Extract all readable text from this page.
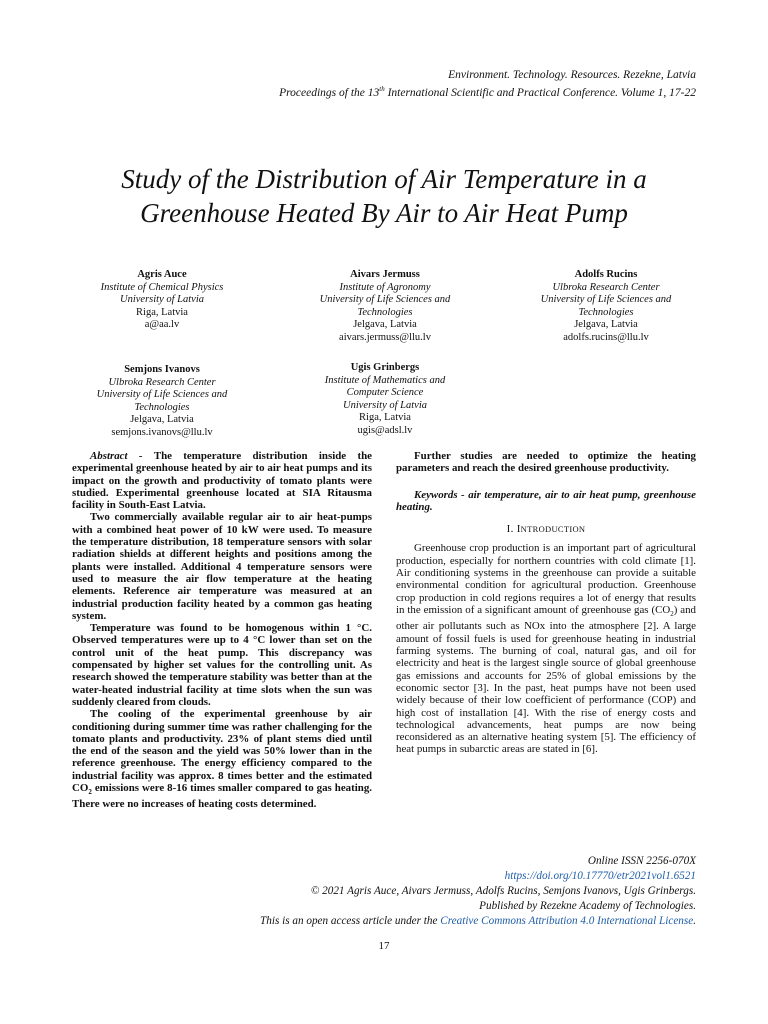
Environment. Technology. Resources. Rezekne, Latvia
Proceedings of the 13th International Scientific and Practical Conference. Volume 1, 17-22
Study of the Distribution of Air Temperature in a
Greenhouse Heated By Air to Air Heat Pump
Agris Auce
Institute of Chemical Physics
University of Latvia
Riga, Latvia
a@aa.lv
Aivars Jermuss
Institute of Agronomy
University of Life Sciences and
Technologies
Jelgava, Latvia
aivars.jermuss@llu.lv
Adolfs Rucins
Ulbroka Research Center
University of Life Sciences and
Technologies
Jelgava, Latvia
adolfs.rucins@llu.lv
Semjons Ivanovs
Ulbroka Research Center
University of Life Sciences and
Technologies
Jelgava, Latvia
semjons.ivanovs@llu.lv
Ugis Grinbergs
Institute of Mathematics and
Computer Science
University of Latvia
Riga, Latvia
ugis@adsl.lv

Abstract - The temperature distribution inside the experimental greenhouse heated by air to air heat pumps and its impact on the growth and productivity of tomato plants were studied. Experimental greenhouse located at SIA Ritausma facility in South-East Latvia.

Two commercially available regular air to air heat-pumps with a combined heat power of 10 kW were used. To measure the temperature distribution, 18 temperature sensors with solar radiation shields at different heights and positions among the plants were installed. Additional 4 temperature sensors were used to measure the air flow temperature at the heating elements. Reference air temperature was measured at an industrial production facility heated by a common gas heating system.

Temperature was found to be homogenous within 1 °C. Observed temperatures were up to 4 °C lower than set on the control unit of the heat pump. This discrepancy was compensated by higher set values for the controlling unit. As research showed the temperature stability was better than at the water-heated industrial facility at time slots when the sun was suddenly cleared from clouds.

The cooling of the experimental greenhouse by air conditioning during summer time was rather challenging for the tomato plants and productivity. 23% of plant stems died until the end of the season and the yield was 50% lower than in the reference greenhouse. The energy efficiency compared to the industrial facility was approx. 8 times better and the estimated $CO_2$ emissions were 8-16 times smaller compared to gas heating. There were no increases of heating costs determined.

Further studies are needed to optimize the heating parameters and reach the desired greenhouse productivity.

Keywords - air temperature, air to air heat pump, greenhouse heating.

I. INTRODUCTION

Greenhouse crop production is an important part of agricultural production, especially for northern countries with cold climate [1]. Air conditioning systems in the greenhouse can provide a suitable environmental condition for agricultural production. Greenhouse crop production in cold regions requires a lot of energy that results in the emission of a significant amount of greenhouse gas $(CO_2)$ and other air pollutants such as NOx into the atmosphere [2]. A large amount of fossil fuels is used for greenhouse heating in industrial farming systems. The burning of coal, natural gas, and oil for electricity and heat is the largest single source of global greenhouse gas emissions and accounts for 25% of global emissions by the economic sector [3]. In the past, heat pumps have not been used widely because of their low coefficient of performance (COP) and high cost of installation [4]. With the rise of energy costs and technological advancements, heat pumps are now being reconsidered as an alternative heating system [5]. The efficiency of heat pumps in subarctic areas are stated in [6].

Online ISSN 2256-070X
https://doi.org/10.17770/etr2021vol1.6521
© 2021 Agris Auce, Aivars Jermuss, Adolfs Rucins, Semjons Ivanovs, Ugis Grinbergs.
Published by Rezekne Academy of Technologies.
This is an open access article under the Creative Commons Attribution 4.0 International License.
17
